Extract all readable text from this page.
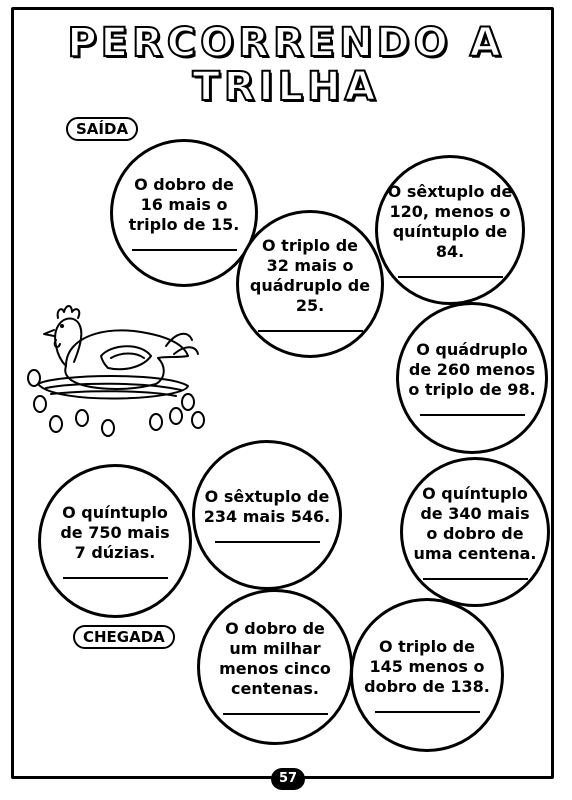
PERCORRENDO A
TRILHA
SAÍDA
CHEGADA
O dobro de
16 mais o
triplo de 15.
O triplo de
32 mais o
quádruplo de
25.
O sêxtuplo de
120, menos o
quíntuplo de
84.
O quádruplo
de 260 menos
o triplo de 98.
O sêxtuplo de
234 mais 546.
O quíntuplo
de 750 mais
7 dúzias.
O quíntuplo
de 340 mais
o dobro de
uma centena.
O dobro de
um milhar
menos cinco
centenas.
O triplo de
145 menos o
dobro de 138.
57
